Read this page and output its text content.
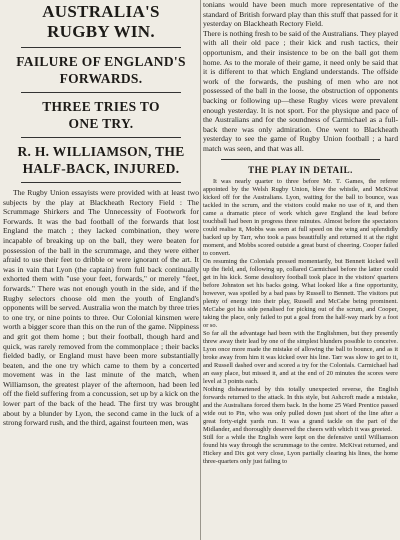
AUSTRALIA'S
RUGBY WIN.
FAILURE OF ENGLAND'S
FORWARDS.
THREE TRIES TO
ONE TRY.
R. H. WILLIAMSON, THE
HALF-BACK, INJURED.

The Rugby Union essayists were provided with at least two subjects by the play at Blackheath Rectory Field : The Scrummage Shirkers and The Unnecessity of Footwork for Forwards. It was the bad football of the forwards that lost England the match ; they lacked combination, they were incapable of breaking up on the ball, they were beaten for possession of the ball in the scrummage, and they were either afraid to use their feet to dribble or were ignorant of the art. It was in vain that Lyon (the captain) from full back continually exhorted them with "use your feet, forwards," or merely "feet, forwards." There was not enough youth in the side, and if the Rugby selectors choose old men the youth of England's opponents will be served. Australia won the match by three tries to one try, or nine points to three. Our Colonial kinsmen were worth a bigger score than this on the run of the game. Nippiness and grit got them home ; but their football, though hard and quick, was rarely removed from the commonplace ; their backs fielded badly, or England must have been more substantially beaten, and the one try which came to them by a concerted movement was in the last minute of the match, when Williamson, the greatest player of the afternoon, had been led off the field suffering from a concussion, set up by a kick on the lower part of the back of the head. The first try was brought about by a blunder by Lyon, the second came in the luck of a strong forward rush, and the third, against fourteen men, was

tonians would have been much more representative of the standard of British forward play than this stuff that passed for it yesterday on Blackheath Rectory Field.
There is nothing fresh to be said of the Australians. They played with all their old pace ; their kick and rush tactics, their opportunism, and their insistence to be on the ball got them home. As to the morale of their game, it need only be said that it is different to that which England understands. The offside work of the forwards, the pushing of men who are not possessed of the ball in the loose, the obstruction of opponents backing or following up—these Rugby vices were prevalent enough yesterday. It is not sport. For the physique and pace of the Australians and for the soundness of Carmichael as a full-back there was only admiration. One went to Blackheath yesterday to see the game of Rugby Union football ; a hard match was seen, and that was all.

THE PLAY IN DETAIL.

It was nearly quarter to three before Mr. T. Games, the referee appointed by the Welsh Rugby Union, blew the whistle, and McKivat kicked off for the Australians. Lyon, waiting for the ball to bounce, was tackled in the scrum, and the visitors could make no use of it, and then came a dramatic piece of work which gave England the lead before touchball had been in progress three minutes. Almost before the spectators could realise it, Mobbs was seen at full speed on the wing and splendidly backed up by Tarr, who took a pass beautifully and returned it at the right moment, and Mobbs scored outside a great burst of cheering. Cooper failed to convert.
On resuming the Colonials pressed momentarily, but Bennett kicked well up the field, and, following up, collared Carmichael before the latter could get in his kick. Some desultory football took place in the visitors' quarters before Johnston set his backs going. What looked like a fine opportunity, however, was spoiled by a bad pass by Russell to Bennett. The visitors put plenty of energy into their play, Russell and McCabe being prominent. McCabe got his side penalised for picking out of the scrum, and Cooper, taking the place, only failed to put a goal from the half-way mark by a foot or so.
So far all the advantage had been with the Englishmen, but they presently threw away their lead by one of the simplest blunders possible to conceive. Lyon once more made the mistake of allowing the ball to bounce, and as it broke away from him it was kicked over his line. Tarr was slow to get to it, and Russell dashed over and scored a try for the Colonials. Carmichael had an easy place, but missed it, and at the end of 20 minutes the scores were level at 3 points each.
Nothing disheartened by this totally unexpected reverse, the English forwards returned to the attack. In this style, but Ashcroft made a mistake, and the Australians forced them back. In the home 25 Ward Prentice passed wide out to Pin, who was only pulled down just short of the line after a great forty-eight yards run. It was a grand tackle on the part of the Midlander, and thoroughly deserved the cheers with which it was greeted.
Still for a while the English were kept on the defensive until Williamson found his way through the scrummage to the centre. McKivat returned, and Hickey and Dix got very close, Lyon partially clearing his lines, the home three-quarters only just failing to
